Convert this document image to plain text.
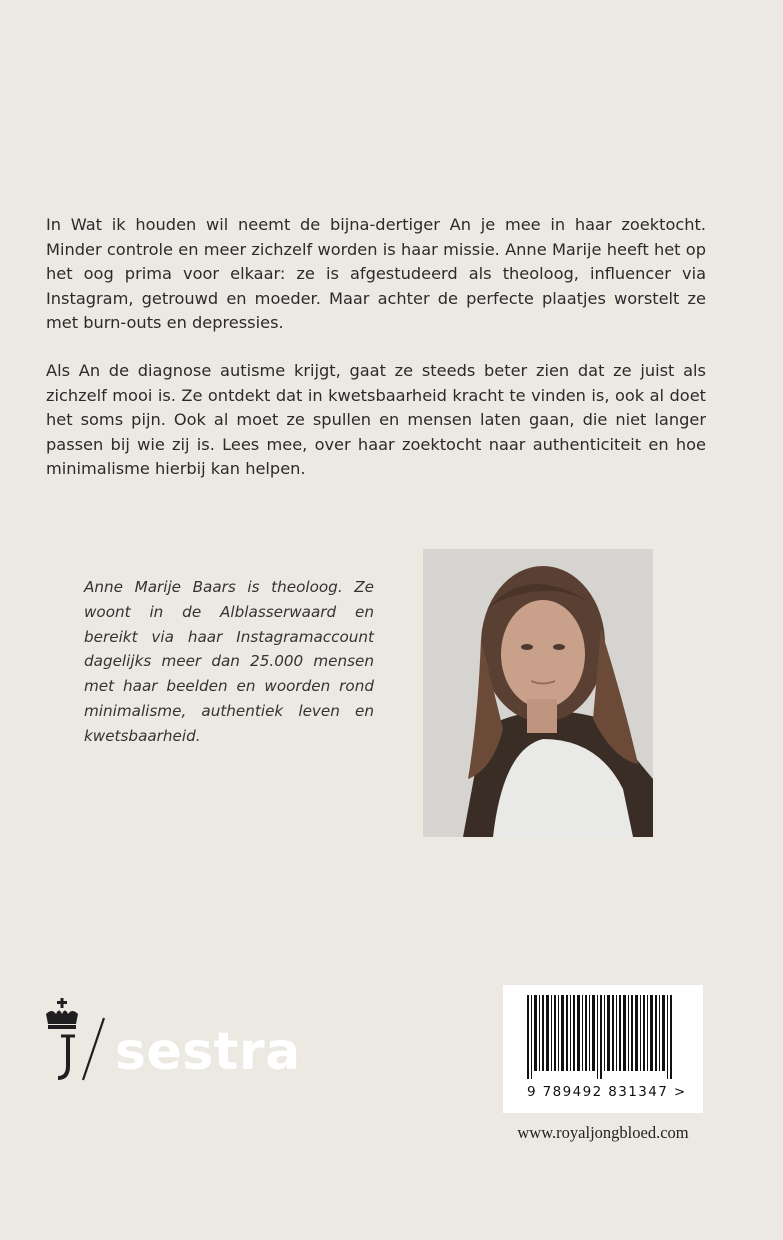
In Wat ik houden wil neemt de bijna-dertiger An je mee in haar zoektocht. Minder controle en meer zichzelf worden is haar missie. Anne Marije heeft het op het oog prima voor elkaar: ze is afgestudeerd als theoloog, influencer via Instagram, getrouwd en moeder. Maar achter de perfecte plaatjes worstelt ze met burn-outs en depressies.

Als An de diagnose autisme krijgt, gaat ze steeds beter zien dat ze juist als zichzelf mooi is. Ze ontdekt dat in kwetsbaarheid kracht te vinden is, ook al doet het soms pijn. Ook al moet ze spullen en mensen laten gaan, die niet langer passen bij wie zij is. Lees mee, over haar zoektocht naar authenticiteit en hoe minimalisme hierbij kan helpen.

Anne Marije Baars is theoloog. Ze woont in de Alblasserwaard en bereikt via haar Instagramaccount dagelijks meer dan 25.000 mensen met haar beelden en woorden rond minimalisme, authentiek leven en kwetsbaarheid.
sestra
9 789492 831347 >
www.royaljongbloed.com
